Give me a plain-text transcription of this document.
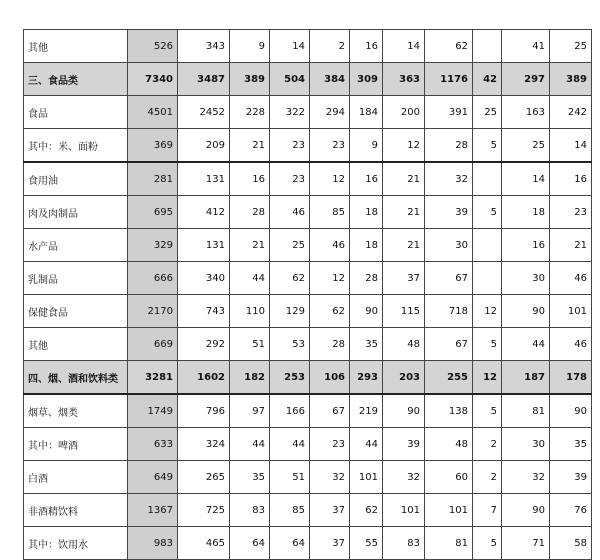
其他	526	343	9	14	2	16	14	62		41	25
三、食品类	7340	3487	389	504	384	309	363	1176	42	297	389
食品	4501	2452	228	322	294	184	200	391	25	163	242
其中：米、面粉	369	209	21	23	23	9	12	28	5	25	14
食用油	281	131	16	23	12	16	21	32		14	16
肉及肉制品	695	412	28	46	85	18	21	39	5	18	23
水产品	329	131	21	25	46	18	21	30		16	21
乳制品	666	340	44	62	12	28	37	67		30	46
保健食品	2170	743	110	129	62	90	115	718	12	90	101
其他	669	292	51	53	28	35	48	67	5	44	46
四、烟、酒和饮料类	3281	1602	182	253	106	293	203	255	12	187	178
烟草、烟类	1749	796	97	166	67	219	90	138	5	81	90
其中：啤酒	633	324	44	44	23	44	39	48	2	30	35
白酒	649	265	35	51	32	101	32	60	2	32	39
非酒精饮料	1367	725	83	85	37	62	101	101	7	90	76
其中：饮用水	983	465	64	64	37	55	83	81	5	71	58
